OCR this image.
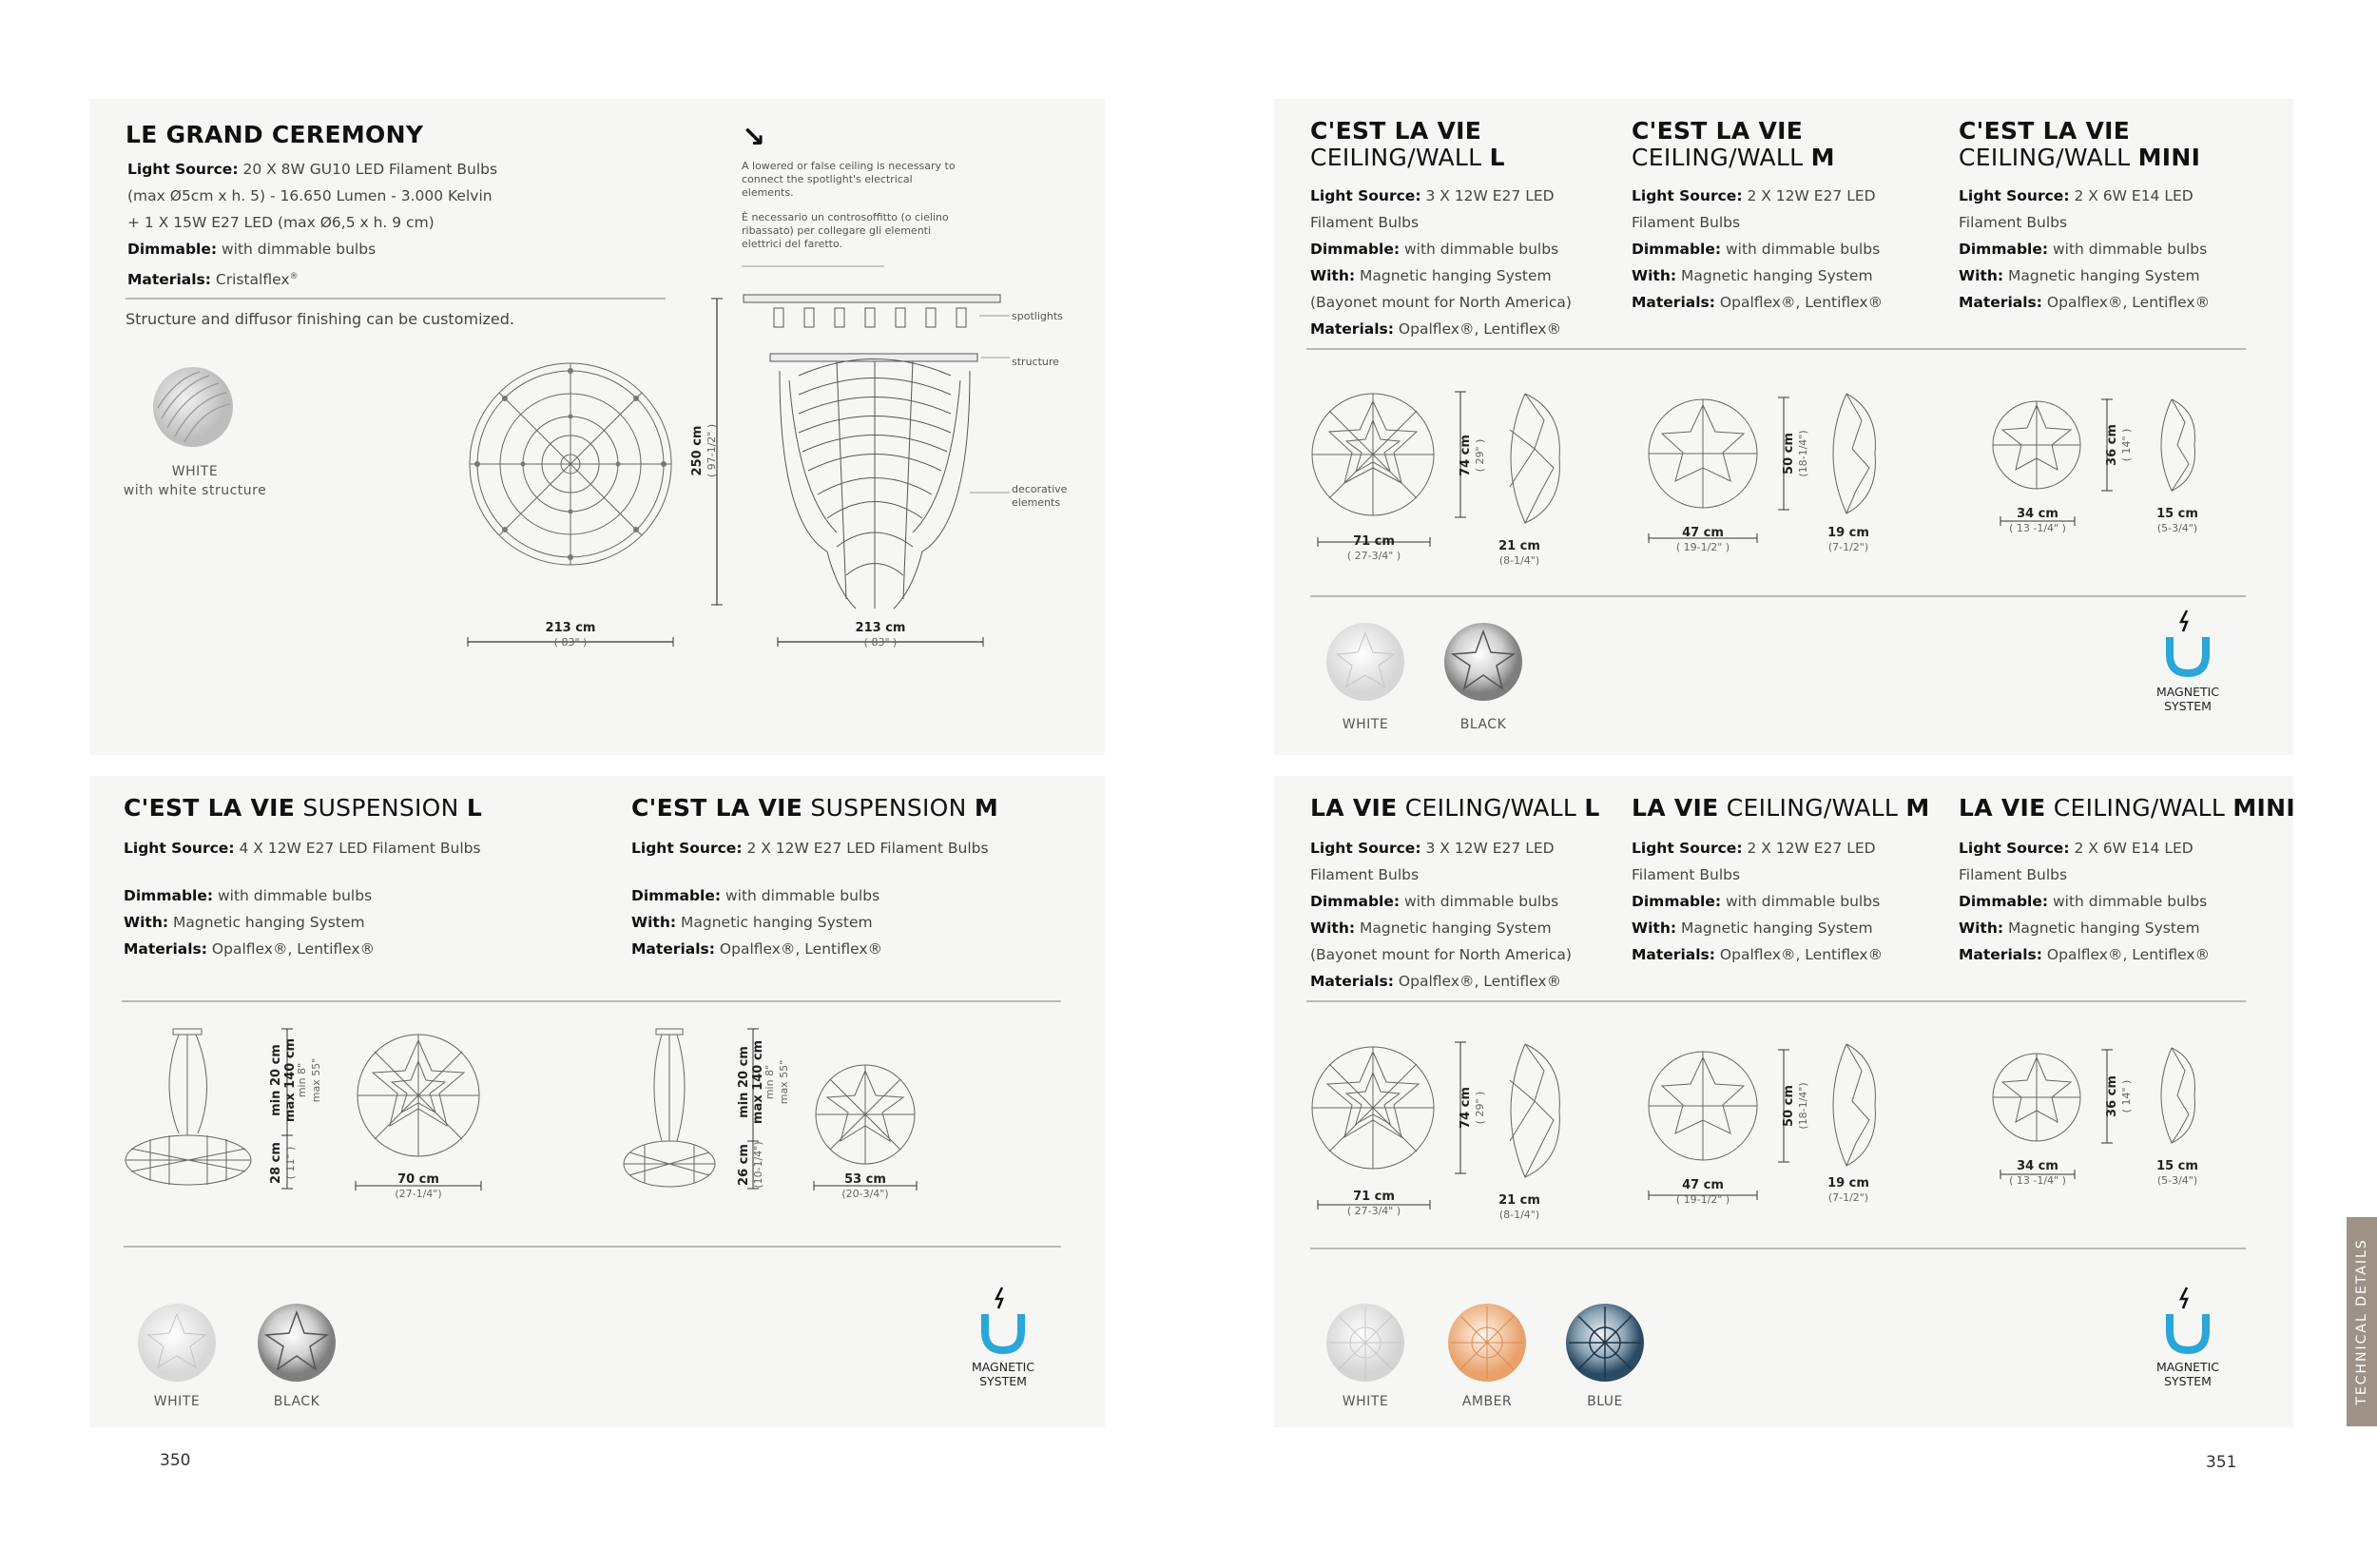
LE GRAND CEREMONY
Light Source: 20 X 8W GU10 LED Filament Bulbs
(max Ø5cm x h. 5) - 16.650 Lumen - 3.000 Kelvin
+ 1 X 15W E27 LED (max Ø6,5 x h. 9 cm)
Dimmable: with dimmable bulbs
Materials: Cristalflex®
Structure and diffusor finishing can be customized.
WHITE
with white structure
213 cm
( 83" )
↘
A lowered or false ceiling is necessary to connect the spotlight's electrical elements.
È necessario un controsoffitto (o cielino ribassato) per collegare gli elementi elettrici del faretto.
spotlights
structure
decorative
elements
250 cm ( 97-1/2" )
213 cm
( 83" )
C'EST LA VIE
CEILING/WALL L
Light Source: 3 X 12W E27 LED
Filament Bulbs
Dimmable: with dimmable bulbs
With: Magnetic hanging System
(Bayonet mount for North America)
Materials: Opalflex®, Lentiflex®
C'EST LA VIE
CEILING/WALL M
Light Source: 2 X 12W E27 LED
Filament Bulbs
Dimmable: with dimmable bulbs
With: Magnetic hanging System
Materials: Opalflex®, Lentiflex®
C'EST LA VIE
CEILING/WALL MINI
Light Source: 2 X 6W E14 LED
Filament Bulbs
Dimmable: with dimmable bulbs
With: Magnetic hanging System
Materials: Opalflex®, Lentiflex®
74 cm ( 29" )
71 cm
( 27-3/4" )
21 cm
(8-1/4")
50 cm (18-1/4")
47 cm
( 19-1/2" )
19 cm
(7-1/2")
36 cm ( 14" )
34 cm
( 13 -1/4" )
15 cm
(5-3/4")
WHITE	BLACK
MAGNETIC
SYSTEM
C'EST LA VIE SUSPENSION L
Light Source: 4 X 12W E27 LED Filament Bulbs
Dimmable: with dimmable bulbs
With: Magnetic hanging System
Materials: Opalflex®, Lentiflex®
C'EST LA VIE SUSPENSION M
Light Source: 2 X 12W E27 LED Filament Bulbs
Dimmable: with dimmable bulbs
With: Magnetic hanging System
Materials: Opalflex®, Lentiflex®
min 20 cm
max 140 cm
min 8" max 55"
28 cm ( 11" )
70 cm
(27-1/4")
min 20 cm
max 140 cm
min 8" max 55"
26 cm (10-1/4")	53 cm
(20-3/4")
WHITE	BLACK
MAGNETIC
SYSTEM
LA VIE CEILING/WALL L
Light Source: 3 X 12W E27 LED
Filament Bulbs
Dimmable: with dimmable bulbs
With: Magnetic hanging System
(Bayonet mount for North America)
Materials: Opalflex®, Lentiflex®
LA VIE CEILING/WALL M
Light Source: 2 X 12W E27 LED
Filament Bulbs
Dimmable: with dimmable bulbs
With: Magnetic hanging System
Materials: Opalflex®, Lentiflex®
LA VIE CEILING/WALL MINI
Light Source: 2 X 6W E14 LED
Filament Bulbs
Dimmable: with dimmable bulbs
With: Magnetic hanging System
Materials: Opalflex®, Lentiflex®
74 cm ( 29" )
71 cm
( 27-3/4" )
21 cm
(8-1/4")
50 cm (18-1/4")
47 cm
( 19-1/2" )
19 cm
(7-1/2")
36 cm ( 14" )
34 cm
( 13 -1/4" )
15 cm
(5-3/4")
WHITE	AMBER	BLUE
MAGNETIC
SYSTEM
350	351
TECHNICAL DETAILS
